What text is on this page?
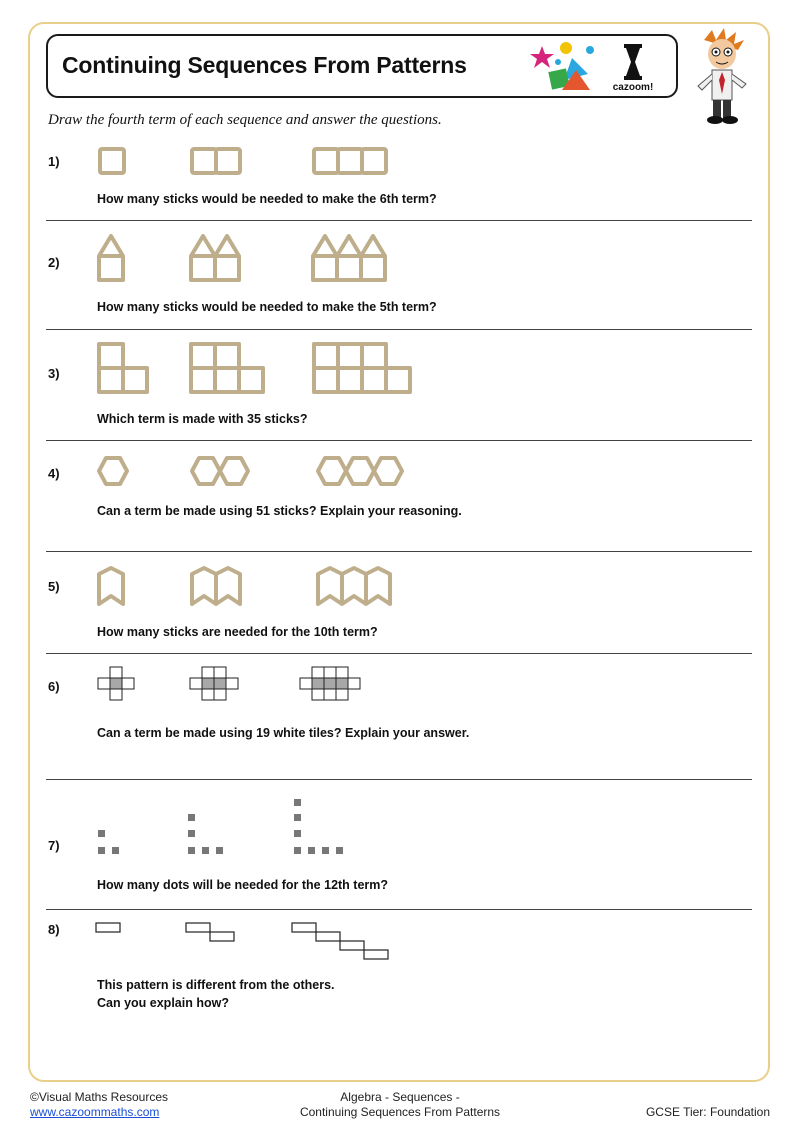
Continuing Sequences From Patterns
cazoom!
Draw the fourth term of each sequence and answer the questions.
1)
How many sticks would be needed to make the 6th term?
2)
How many sticks would be needed to make the 5th term?
3)
Which term is made with 35 sticks?
4)
Can a term be made using 51 sticks? Explain your reasoning.
5)
How many sticks are needed for the 10th term?
6)
Can a term be made using 19 white tiles? Explain your answer.
7)
How many dots will be needed for the 12th term?
8)
This pattern is different from the others.
Can you explain how?
©Visual Maths Resources
www.cazoommaths.com
Algebra - Sequences -
Continuing Sequences From Patterns	GCSE Tier: Foundation
